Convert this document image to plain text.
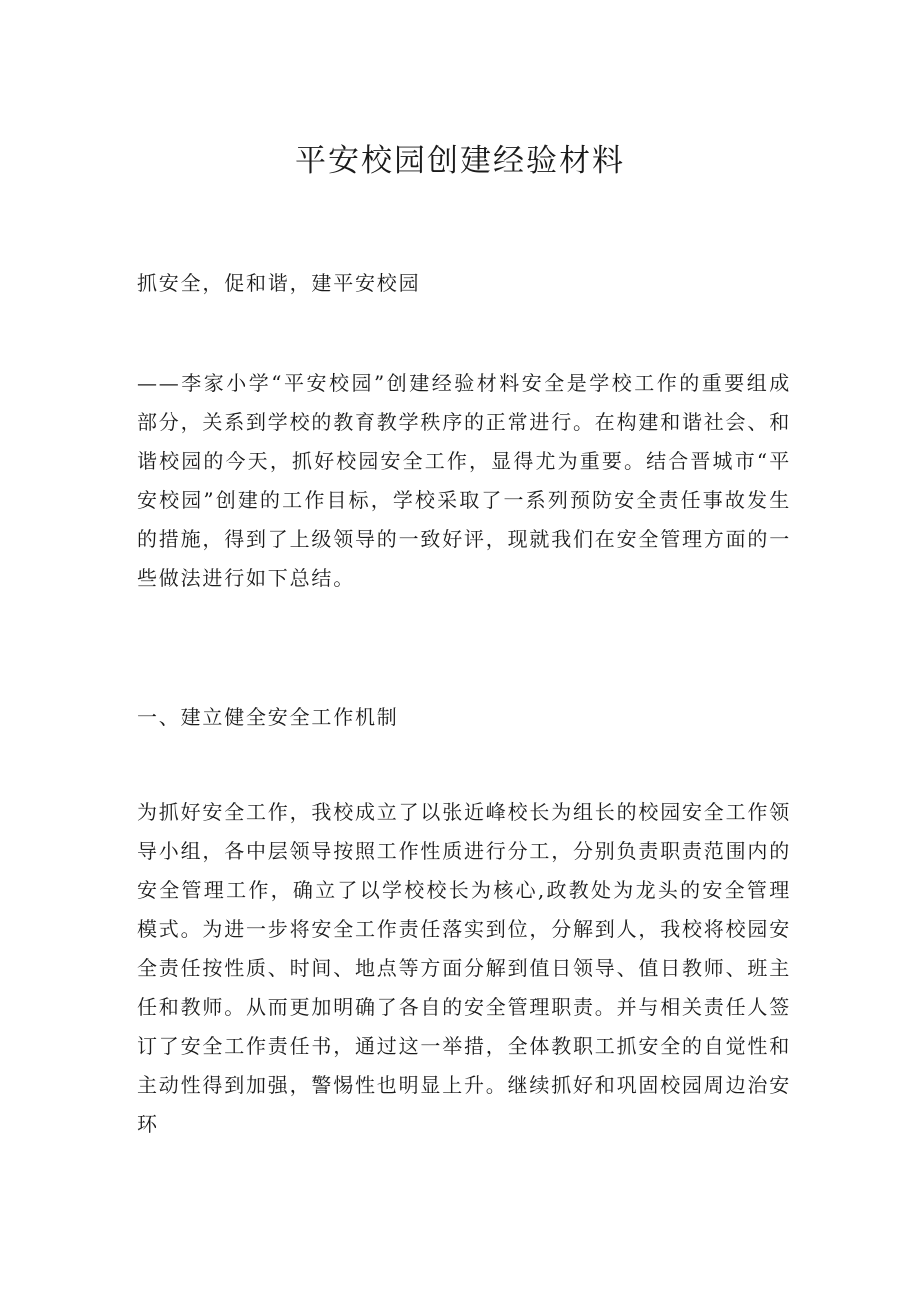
平安校园创建经验材料

抓安全，促和谐，建平安校园

——李家小学“平安校园”创建经验材料安全是学校工作的重要组成部分，关系到学校的教育教学秩序的正常进行。在构建和谐社会、和谐校园的今天，抓好校园安全工作，显得尤为重要。结合晋城市“平安校园”创建的工作目标，学校采取了一系列预防安全责任事故发生的措施，得到了上级领导的一致好评，现就我们在安全管理方面的一些做法进行如下总结。

一、建立健全安全工作机制

为抓好安全工作，我校成立了以张近峰校长为组长的校园安全工作领导小组，各中层领导按照工作性质进行分工，分别负责职责范围内的安全管理工作，确立了以学校校长为核心,政教处为龙头的安全管理模式。为进一步将安全工作责任落实到位，分解到人，我校将校园安全责任按性质、时间、地点等方面分解到值日领导、值日教师、班主任和教师。从而更加明确了各自的安全管理职责。并与相关责任人签订了安全工作责任书，通过这一举措，全体教职工抓安全的自觉性和主动性得到加强，警惕性也明显上升。继续抓好和巩固校园周边治安环
